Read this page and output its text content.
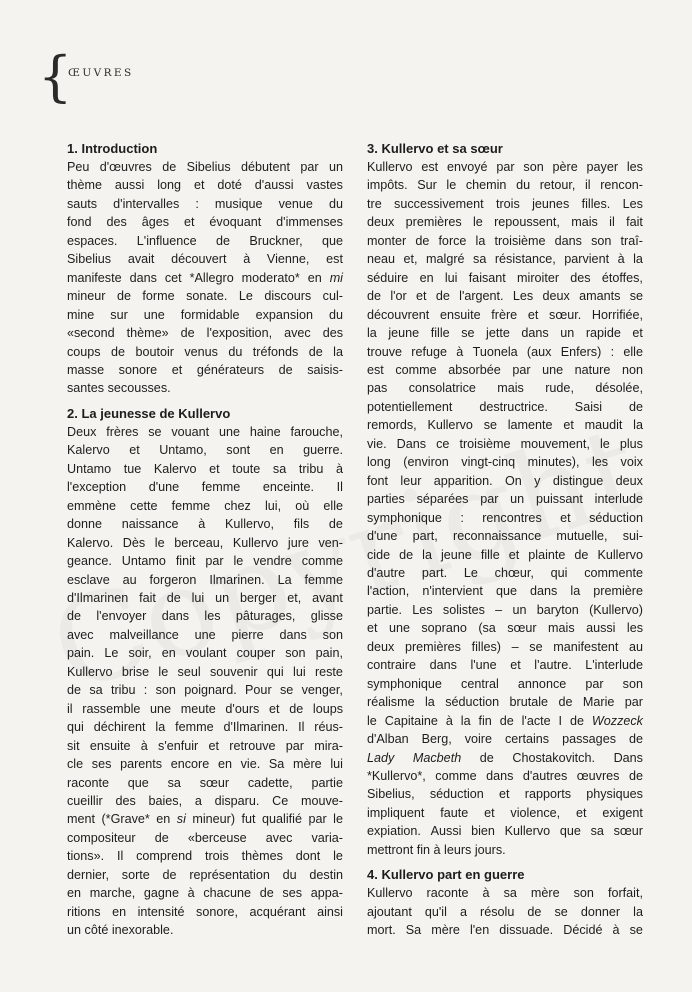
{
ŒUVRES
1. Introduction
Peu d'œuvres de Sibelius débutent par un
thème aussi long et doté d'aussi vastes
sauts d'intervalles : musique venue du
fond des âges et évoquant d'immenses
espaces. L'influence de Bruckner, que
Sibelius avait découvert à Vienne, est
manifeste dans cet *Allegro moderato* en mi
mineur de forme sonate. Le discours cul-
mine sur une formidable expansion du
«second thème» de l'exposition, avec des
coups de boutoir venus du tréfonds de la
masse sonore et générateurs de saisis-
santes secousses.
2. La jeunesse de Kullervo
Deux frères se vouant une haine farouche,
Kalervo et Untamo, sont en guerre.
Untamo tue Kalervo et toute sa tribu à
l'exception d'une femme enceinte. Il
emmène cette femme chez lui, où elle
donne naissance à Kullervo, fils de
Kalervo. Dès le berceau, Kullervo jure ven-
geance. Untamo finit par le vendre comme
esclave au forgeron Ilmarinen. La femme
d'Ilmarinen fait de lui un berger et, avant
de l'envoyer dans les pâturages, glisse
avec malveillance une pierre dans son
pain. Le soir, en voulant couper son pain,
Kullervo brise le seul souvenir qui lui reste
de sa tribu : son poignard. Pour se venger,
il rassemble une meute d'ours et de loups
qui déchirent la femme d'Ilmarinen. Il réus-
sit ensuite à s'enfuir et retrouve par mira-
cle ses parents encore en vie. Sa mère lui
raconte que sa sœur cadette, partie
cueillir des baies, a disparu. Ce mouve-
ment (*Grave* en si mineur) fut qualifié par le
compositeur de «berceuse avec varia-
tions». Il comprend trois thèmes dont le
dernier, sorte de représentation du destin
en marche, gagne à chacune de ses appa-
ritions en intensité sonore, acquérant ainsi
un côté inexorable.
3. Kullervo et sa sœur
Kullervo est envoyé par son père payer les
impôts. Sur le chemin du retour, il rencon-
tre successivement trois jeunes filles. Les
deux premières le repoussent, mais il fait
monter de force la troisième dans son traî-
neau et, malgré sa résistance, parvient à la
séduire en lui faisant miroiter des étoffes,
de l'or et de l'argent. Les deux amants se
découvrent ensuite frère et sœur. Horrifiée,
la jeune fille se jette dans un rapide et
trouve refuge à Tuonela (aux Enfers) : elle
est comme absorbée par une nature non
pas consolatrice mais rude, désolée,
potentiellement destructrice. Saisi de
remords, Kullervo se lamente et maudit la
vie. Dans ce troisième mouvement, le plus
long (environ vingt-cinq minutes), les voix
font leur apparition. On y distingue deux
parties séparées par un puissant interlude
symphonique : rencontres et séduction
d'une part, reconnaissance mutuelle, sui-
cide de la jeune fille et plainte de Kullervo
d'autre part. Le chœur, qui commente
l'action, n'intervient que dans la première
partie. Les solistes – un baryton (Kullervo)
et une soprano (sa sœur mais aussi les
deux premières filles) – se manifestent au
contraire dans l'une et l'autre. L'interlude
symphonique central annonce par son
réalisme la séduction brutale de Marie par
le Capitaine à la fin de l'acte I de Wozzeck
d'Alban Berg, voire certains passages de
Lady Macbeth de Chostakovitch. Dans
*Kullervo*, comme dans d'autres œuvres de
Sibelius, séduction et rapports physiques
impliquent faute et violence, et exigent
expiation. Aussi bien Kullervo que sa sœur
mettront fin à leurs jours.
4. Kullervo part en guerre
Kullervo raconte à sa mère son forfait,
ajoutant qu'il a résolu de se donner la
mort. Sa mère l'en dissuade. Décidé à se
